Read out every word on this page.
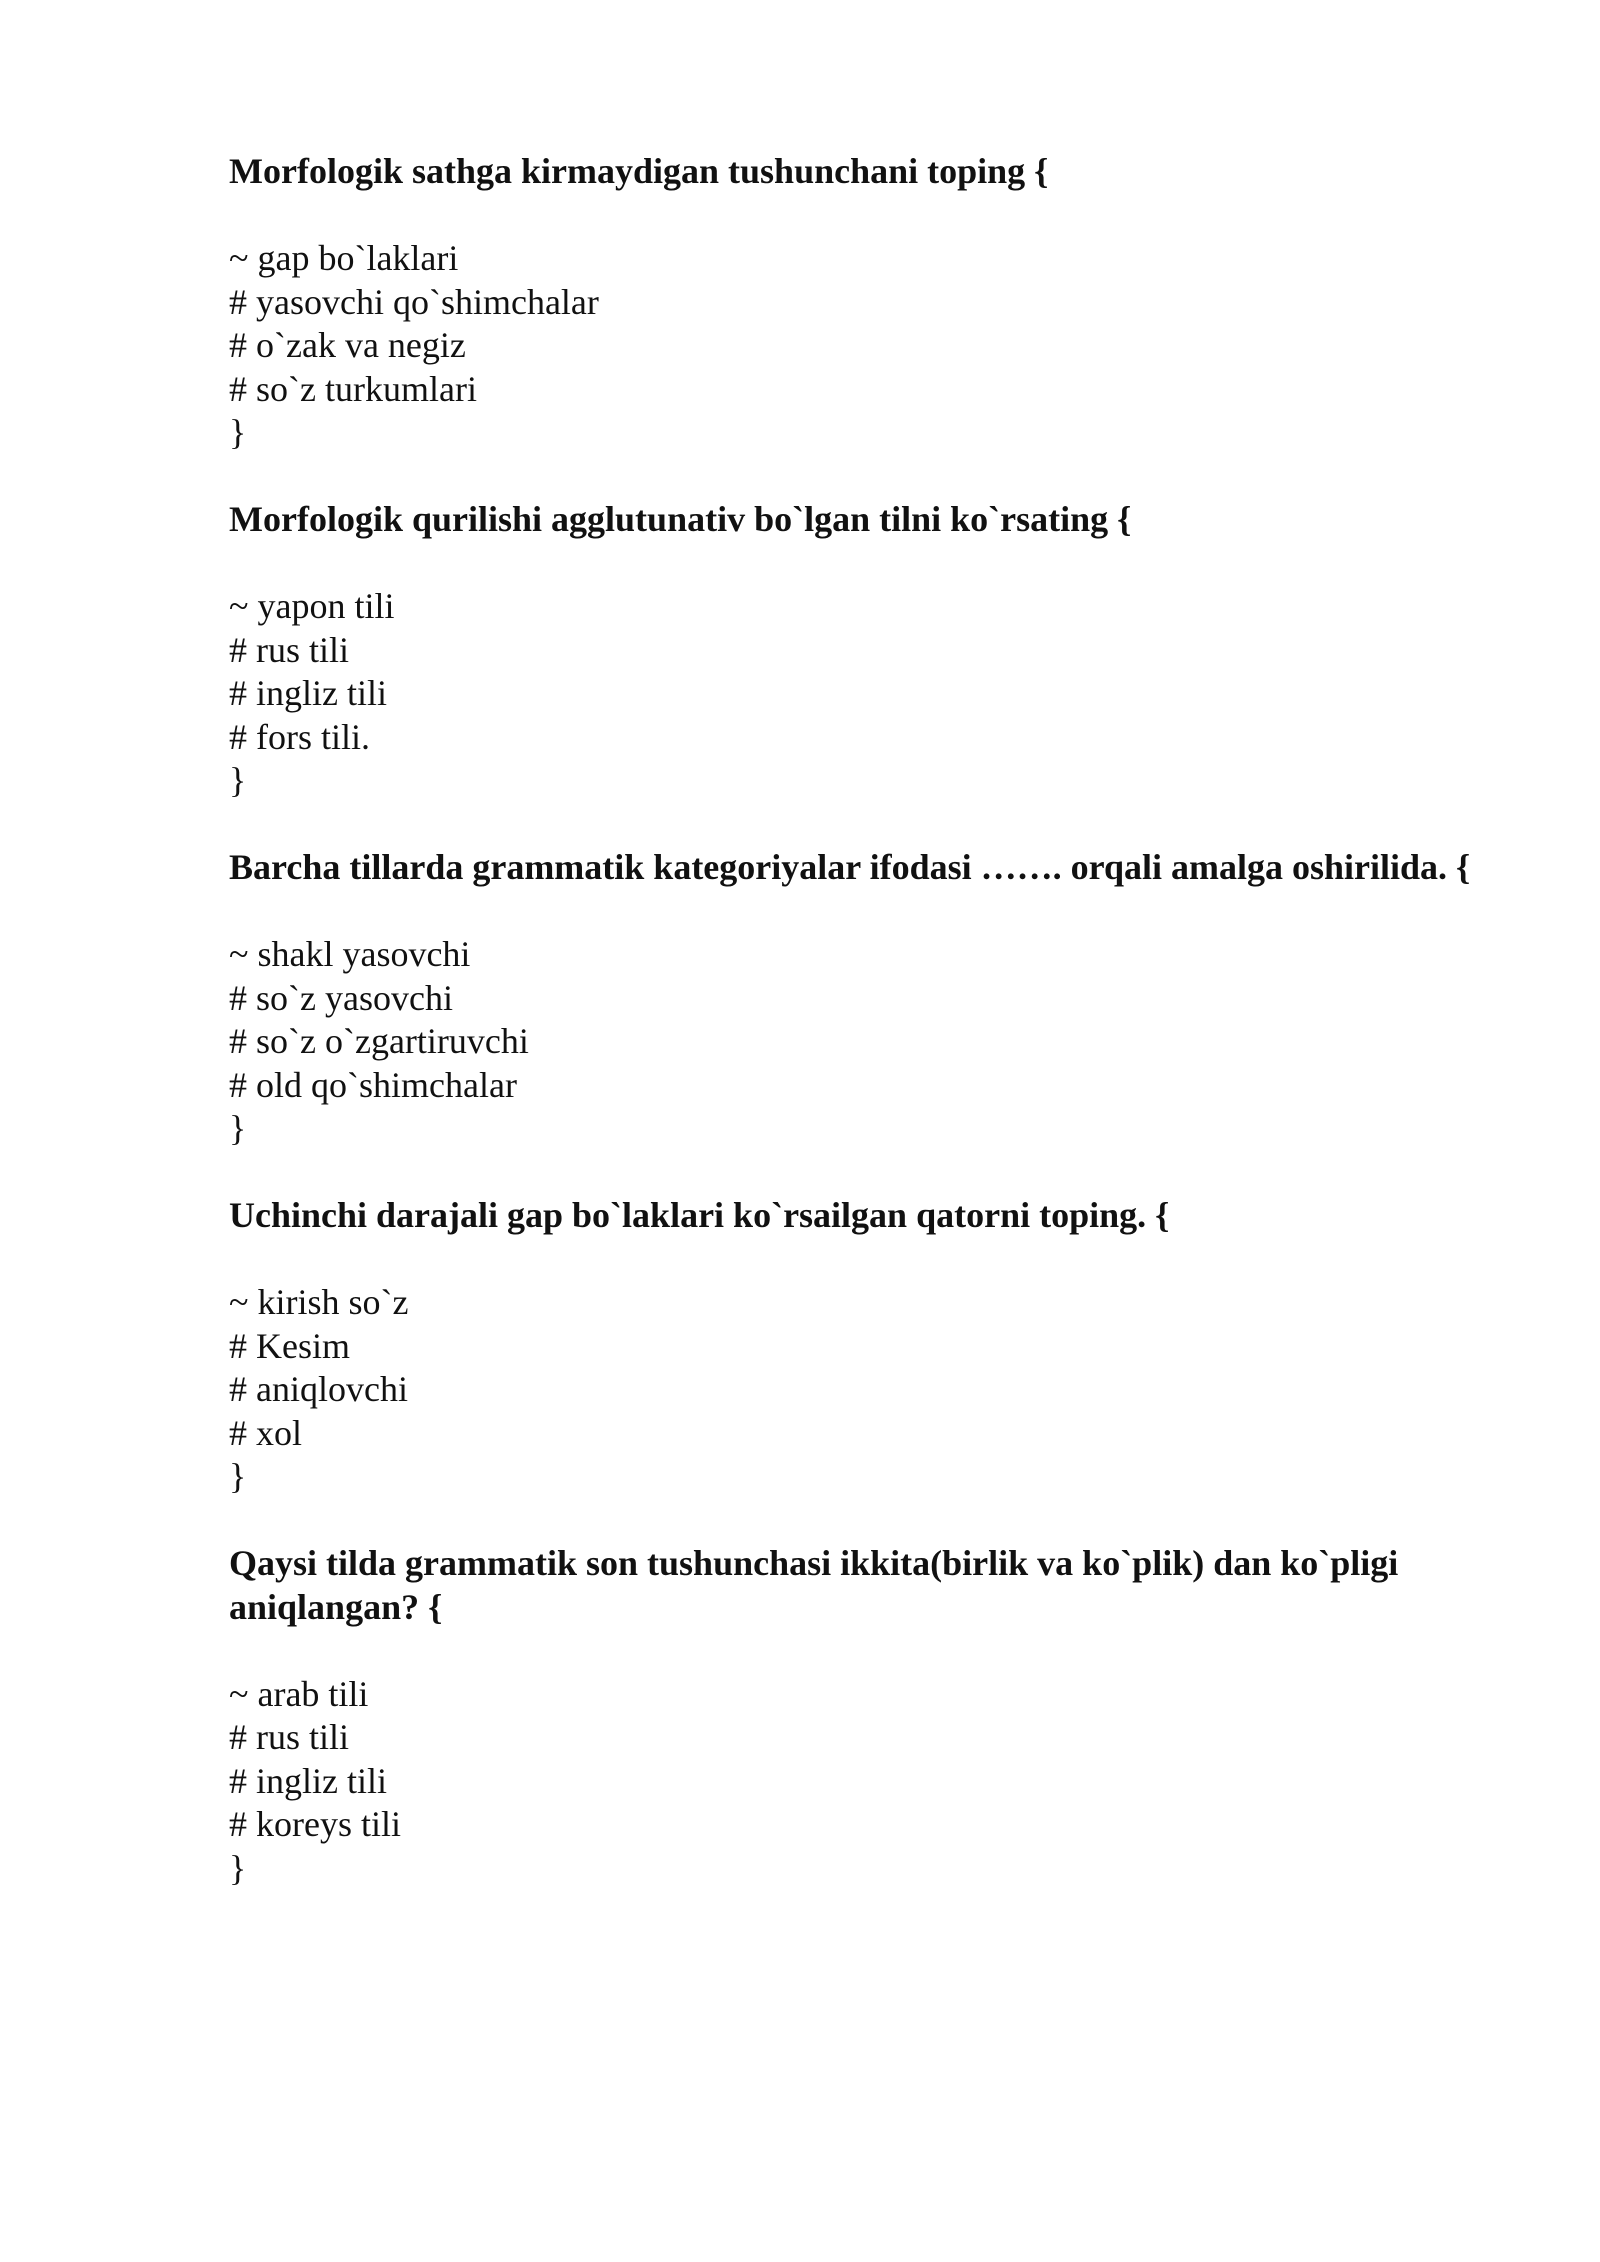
Morfologik sathga kirmaydigan tushunchani toping {

~ gap bo`laklari

# yasovchi qo`shimchalar

# o`zak va negiz

# so`z turkumlari

}

Morfologik qurilishi agglutunativ bo`lgan tilni ko`rsating {

~ yapon tili

# rus tili

# ingliz tili

# fors tili.

}

Barcha tillarda grammatik kategoriyalar ifodasi ……. orqali amalga oshirilida. {

~ shakl yasovchi

# so`z yasovchi

# so`z o`zgartiruvchi

# old qo`shimchalar

}

Uchinchi darajali gap bo`laklari ko`rsailgan qatorni toping. {

~ kirish so`z

# Kesim

# aniqlovchi

# xol

}

Qaysi tilda grammatik son tushunchasi ikkita(birlik va ko`plik) dan ko`pligi aniqlangan? {

~ arab tili

# rus tili

# ingliz tili

# koreys tili

}
